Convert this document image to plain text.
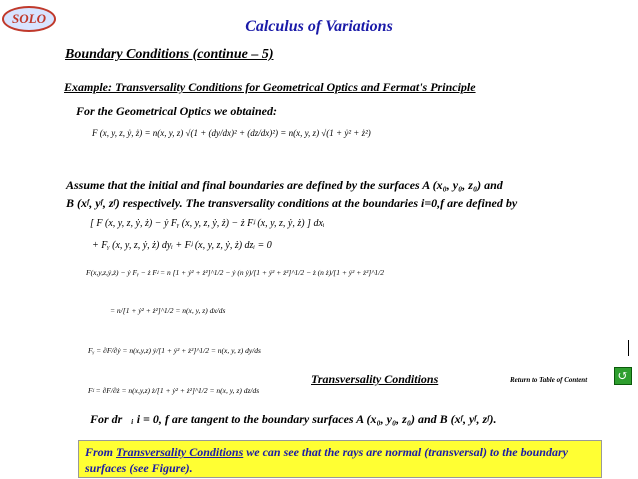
SOLO	Calculus of Variations
Boundary Conditions (continue – 5)
Example: Transversality Conditions for Geometrical Optics and Fermat's Principle
For the Geometrical Optics we obtained:
F (x, y, z, ẏ, ż) = n(x, y, z) √(1 + (dy/dx)² + (dz/dx)²) = n(x, y, z) √(1 + ẏ² + ż²)
Assume that the initial and final boundaries are defined by the surfaces A (x₀, y₀, z₀) and
B (xᶠ, yᶠ, zᶠ) respectively. The transversality conditions at the boundaries i=0,f are defined by
[ F (x, y, z, ẏ, ż) − ẏ Fᵧ (x, y, z, ẏ, ż) − ż Fᶨ (x, y, z, ẏ, ż) ] dxᵢ
+ Fᵧ (x, y, z, ẏ, ż) dyᵢ + Fᶨ (x, y, z, ẏ, ż) dzᵢ = 0
F(x,y,z,ẏ,ż) − ẏ Fᵧ − ż Fᶨ = n [1 + ẏ² + ż²]^1/2 − ẏ (n ẏ)/[1 + ẏ² + ż²]^1/2 − ż (n ż)/[1 + ẏ² + ż²]^1/2
= n/[1 + ẏ² + ż²]^1/2 = n(x, y, z) dx/ds
Fᵧ = ∂F/∂ẏ = n(x,y,z) ẏ/[1 + ẏ² + ż²]^1/2 = n(x, y, z) dy/ds
Fᶨ = ∂F/∂ż = n(x,y,z) ż/[1 + ẏ² + ż²]^1/2 = n(x, y, z) dz/ds
Transversality Conditions	Return to Table of Content ↺
For dr⃗ᵢ i = 0, f are tangent to the boundary surfaces A (x₀, y₀, z₀) and B (xᶠ, yᶠ, zᶠ).
From Transversality Conditions we can see that the rays are normal (transversal) to the boundary surfaces (see Figure).
